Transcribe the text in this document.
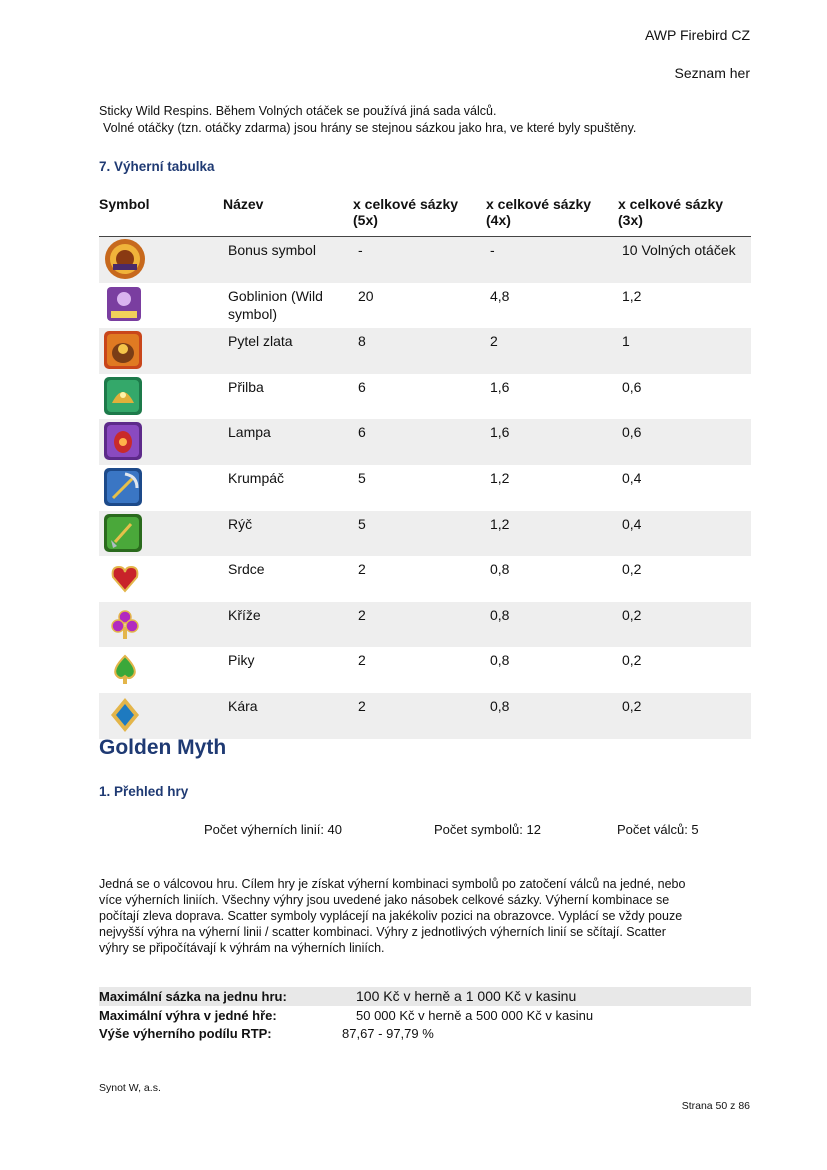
AWP Firebird CZ
Seznam her
Sticky Wild Respins. Během Volných otáček se používá jiná sada válců.
Volné otáčky (tzn. otáčky zdarma) jsou hrány se stejnou sázkou jako hra, ve které byly spuštěny.
7. Výherní tabulka
Symbol	Název	x celkové sázky (5x)	x celkové sázky (4x)	x celkové sázky (3x)

	Bonus symbol	-	-	10 Volných otáček

	Goblinion (Wild symbol)	20	4,8	1,2

	Pytel zlata	8	2	1

	Přilba	6	1,6	0,6

	Lampa	6	1,6	0,6

	Krumpáč	5	1,2	0,4

	Rýč	5	1,2	0,4

	Srdce	2	0,8	0,2

	Kříže	2	0,8	0,2

	Piky	2	0,8	0,2

	Kára	2	0,8	0,2
Golden Myth
1. Přehled hry
Počet výherních linií: 40	Počet symbolů: 12	Počet válců: 5
Jedná se o válcovou hru. Cílem hry je získat výherní kombinaci symbolů po zatočení válců na jedné, nebo
více výherních liniích. Všechny výhry jsou uvedené jako násobek celkové sázky. Výherní kombinace se
počítají zleva doprava. Scatter symboly vyplácejí na jakékoliv pozici na obrazovce. Vyplácí se vždy pouze
nejvyšší výhra na výherní linii / scatter kombinaci. Výhry z jednotlivých výherních linií se sčítají. Scatter
výhry se připočítávají k výhrám na výherních liniích.
Maximální sázka na jednu hru:	100 Kč v herně a 1 000 Kč v kasinu
Maximální výhra v jedné hře:	50 000 Kč v herně a 500 000 Kč v kasinu
Výše výherního podílu RTP:	87,67 - 97,79 %
Synot W, a.s.
Strana 50 z 86
